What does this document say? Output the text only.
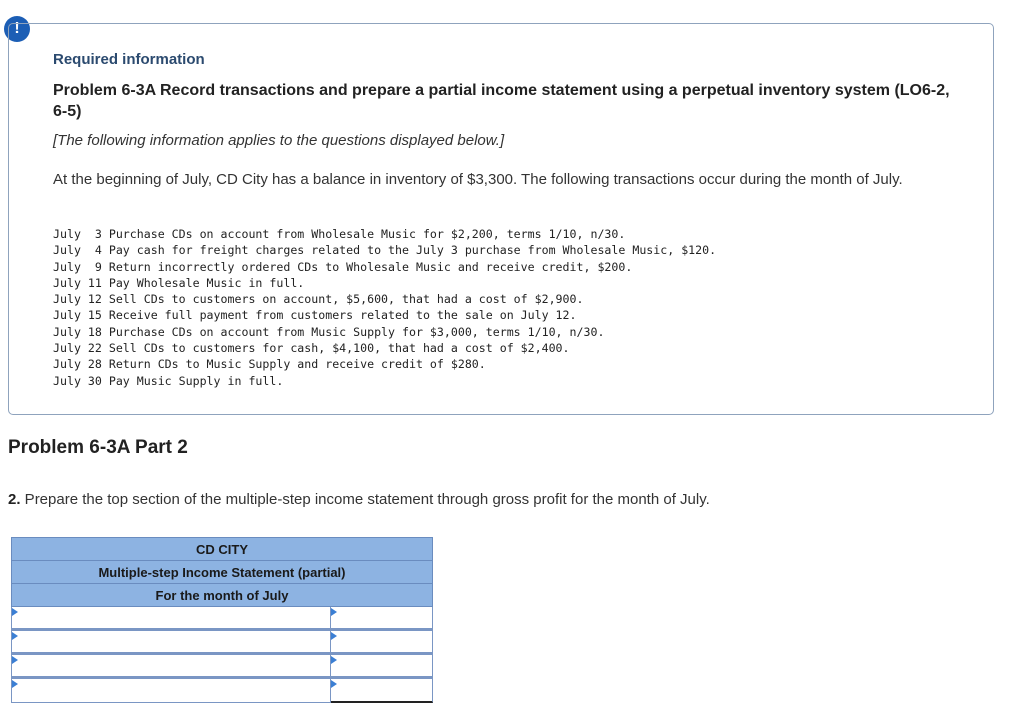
!
Required information
Problem 6-3A Record transactions and prepare a partial income statement using a perpetual inventory system (LO6-2, 6-5)
[The following information applies to the questions displayed below.]
At the beginning of July, CD City has a balance in inventory of $3,300. The following transactions occur during the month of July.
July  3 Purchase CDs on account from Wholesale Music for $2,200, terms 1/10, n/30.
July  4 Pay cash for freight charges related to the July 3 purchase from Wholesale Music, $120.
July  9 Return incorrectly ordered CDs to Wholesale Music and receive credit, $200.
July 11 Pay Wholesale Music in full.
July 12 Sell CDs to customers on account, $5,600, that had a cost of $2,900.
July 15 Receive full payment from customers related to the sale on July 12.
July 18 Purchase CDs on account from Music Supply for $3,000, terms 1/10, n/30.
July 22 Sell CDs to customers for cash, $4,100, that had a cost of $2,400.
July 28 Return CDs to Music Supply and receive credit of $280.
July 30 Pay Music Supply in full.
Problem 6-3A Part 2
2. Prepare the top section of the multiple-step income statement through gross profit for the month of July.
CD CITY
Multiple-step Income Statement (partial)
For the month of July
